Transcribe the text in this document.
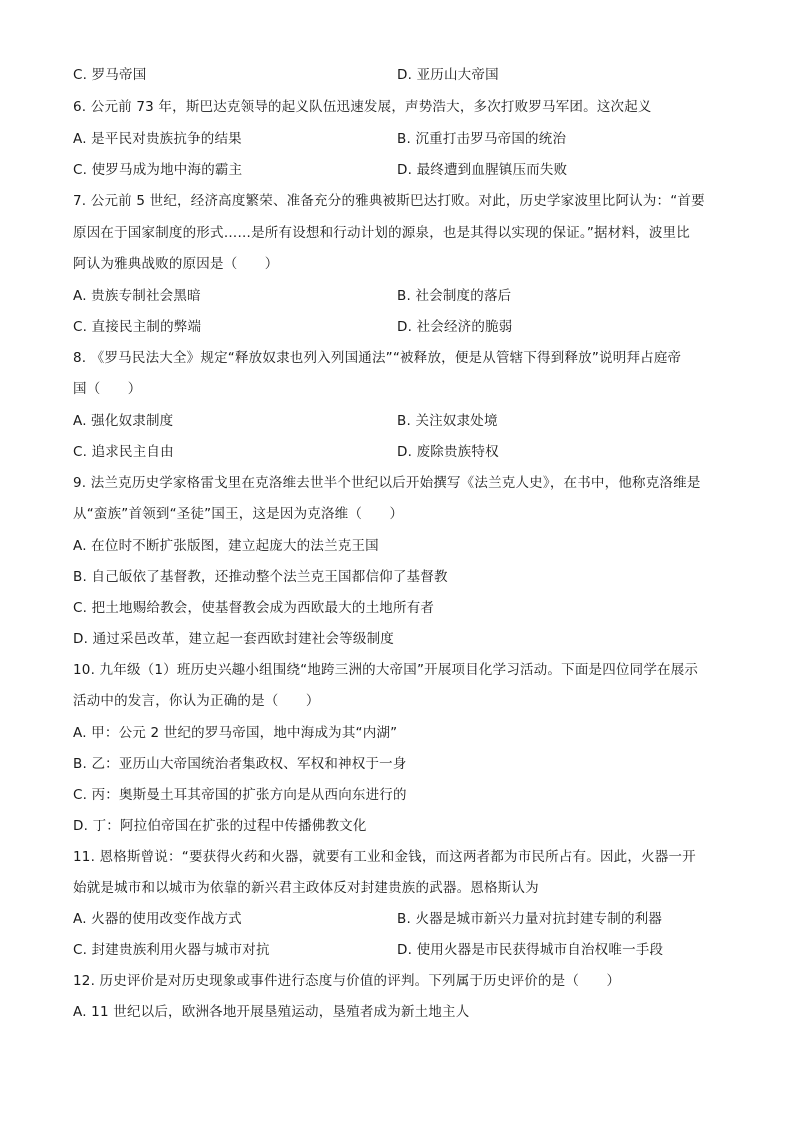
C. 罗马帝国	D. 亚历山大帝国
6. 公元前 73 年，斯巴达克领导的起义队伍迅速发展，声势浩大，多次打败罗马军团。这次起义
A. 是平民对贵族抗争的结果	B. 沉重打击罗马帝国的统治
C. 使罗马成为地中海的霸主	D. 最终遭到血腥镇压而失败
7. 公元前 5 世纪，经济高度繁荣、准备充分的雅典被斯巴达打败。对此，历史学家波里比阿认为：“首要
原因在于国家制度的形式……是所有设想和行动计划的源泉，也是其得以实现的保证。”据材料，波里比
阿认为雅典战败的原因是（　　）
A. 贵族专制社会黑暗	B. 社会制度的落后
C. 直接民主制的弊端	D. 社会经济的脆弱
8. 《罗马民法大全》规定“释放奴隶也列入列国通法”“被释放，便是从管辖下得到释放”说明拜占庭帝
国（　　）
A. 强化奴隶制度	B. 关注奴隶处境
C. 追求民主自由	D. 废除贵族特权
9. 法兰克历史学家格雷戈里在克洛维去世半个世纪以后开始撰写《法兰克人史》，在书中，他称克洛维是
从“蛮族”首领到“圣徒”国王，这是因为克洛维（　　）
A. 在位时不断扩张版图，建立起庞大的法兰克王国
B. 自己皈依了基督教，还推动整个法兰克王国都信仰了基督教
C. 把土地赐给教会，使基督教会成为西欧最大的土地所有者
D. 通过采邑改革，建立起一套西欧封建社会等级制度
10. 九年级（1）班历史兴趣小组围绕“地跨三洲的大帝国”开展项目化学习活动。下面是四位同学在展示
活动中的发言，你认为正确的是（　　）
A. 甲：公元 2 世纪的罗马帝国，地中海成为其“内湖”
B. 乙：亚历山大帝国统治者集政权、军权和神权于一身
C. 丙：奥斯曼土耳其帝国的扩张方向是从西向东进行的
D. 丁：阿拉伯帝国在扩张的过程中传播佛教文化
11. 恩格斯曾说：“要获得火药和火器，就要有工业和金钱，而这两者都为市民所占有。因此，火器一开
始就是城市和以城市为依靠的新兴君主政体反对封建贵族的武器。恩格斯认为
A. 火器的使用改变作战方式	B. 火器是城市新兴力量对抗封建专制的利器
C. 封建贵族利用火器与城市对抗	D. 使用火器是市民获得城市自治权唯一手段
12. 历史评价是对历史现象或事件进行态度与价值的评判。下列属于历史评价的是（　　）
A. 11 世纪以后，欧洲各地开展垦殖运动，垦殖者成为新土地主人
